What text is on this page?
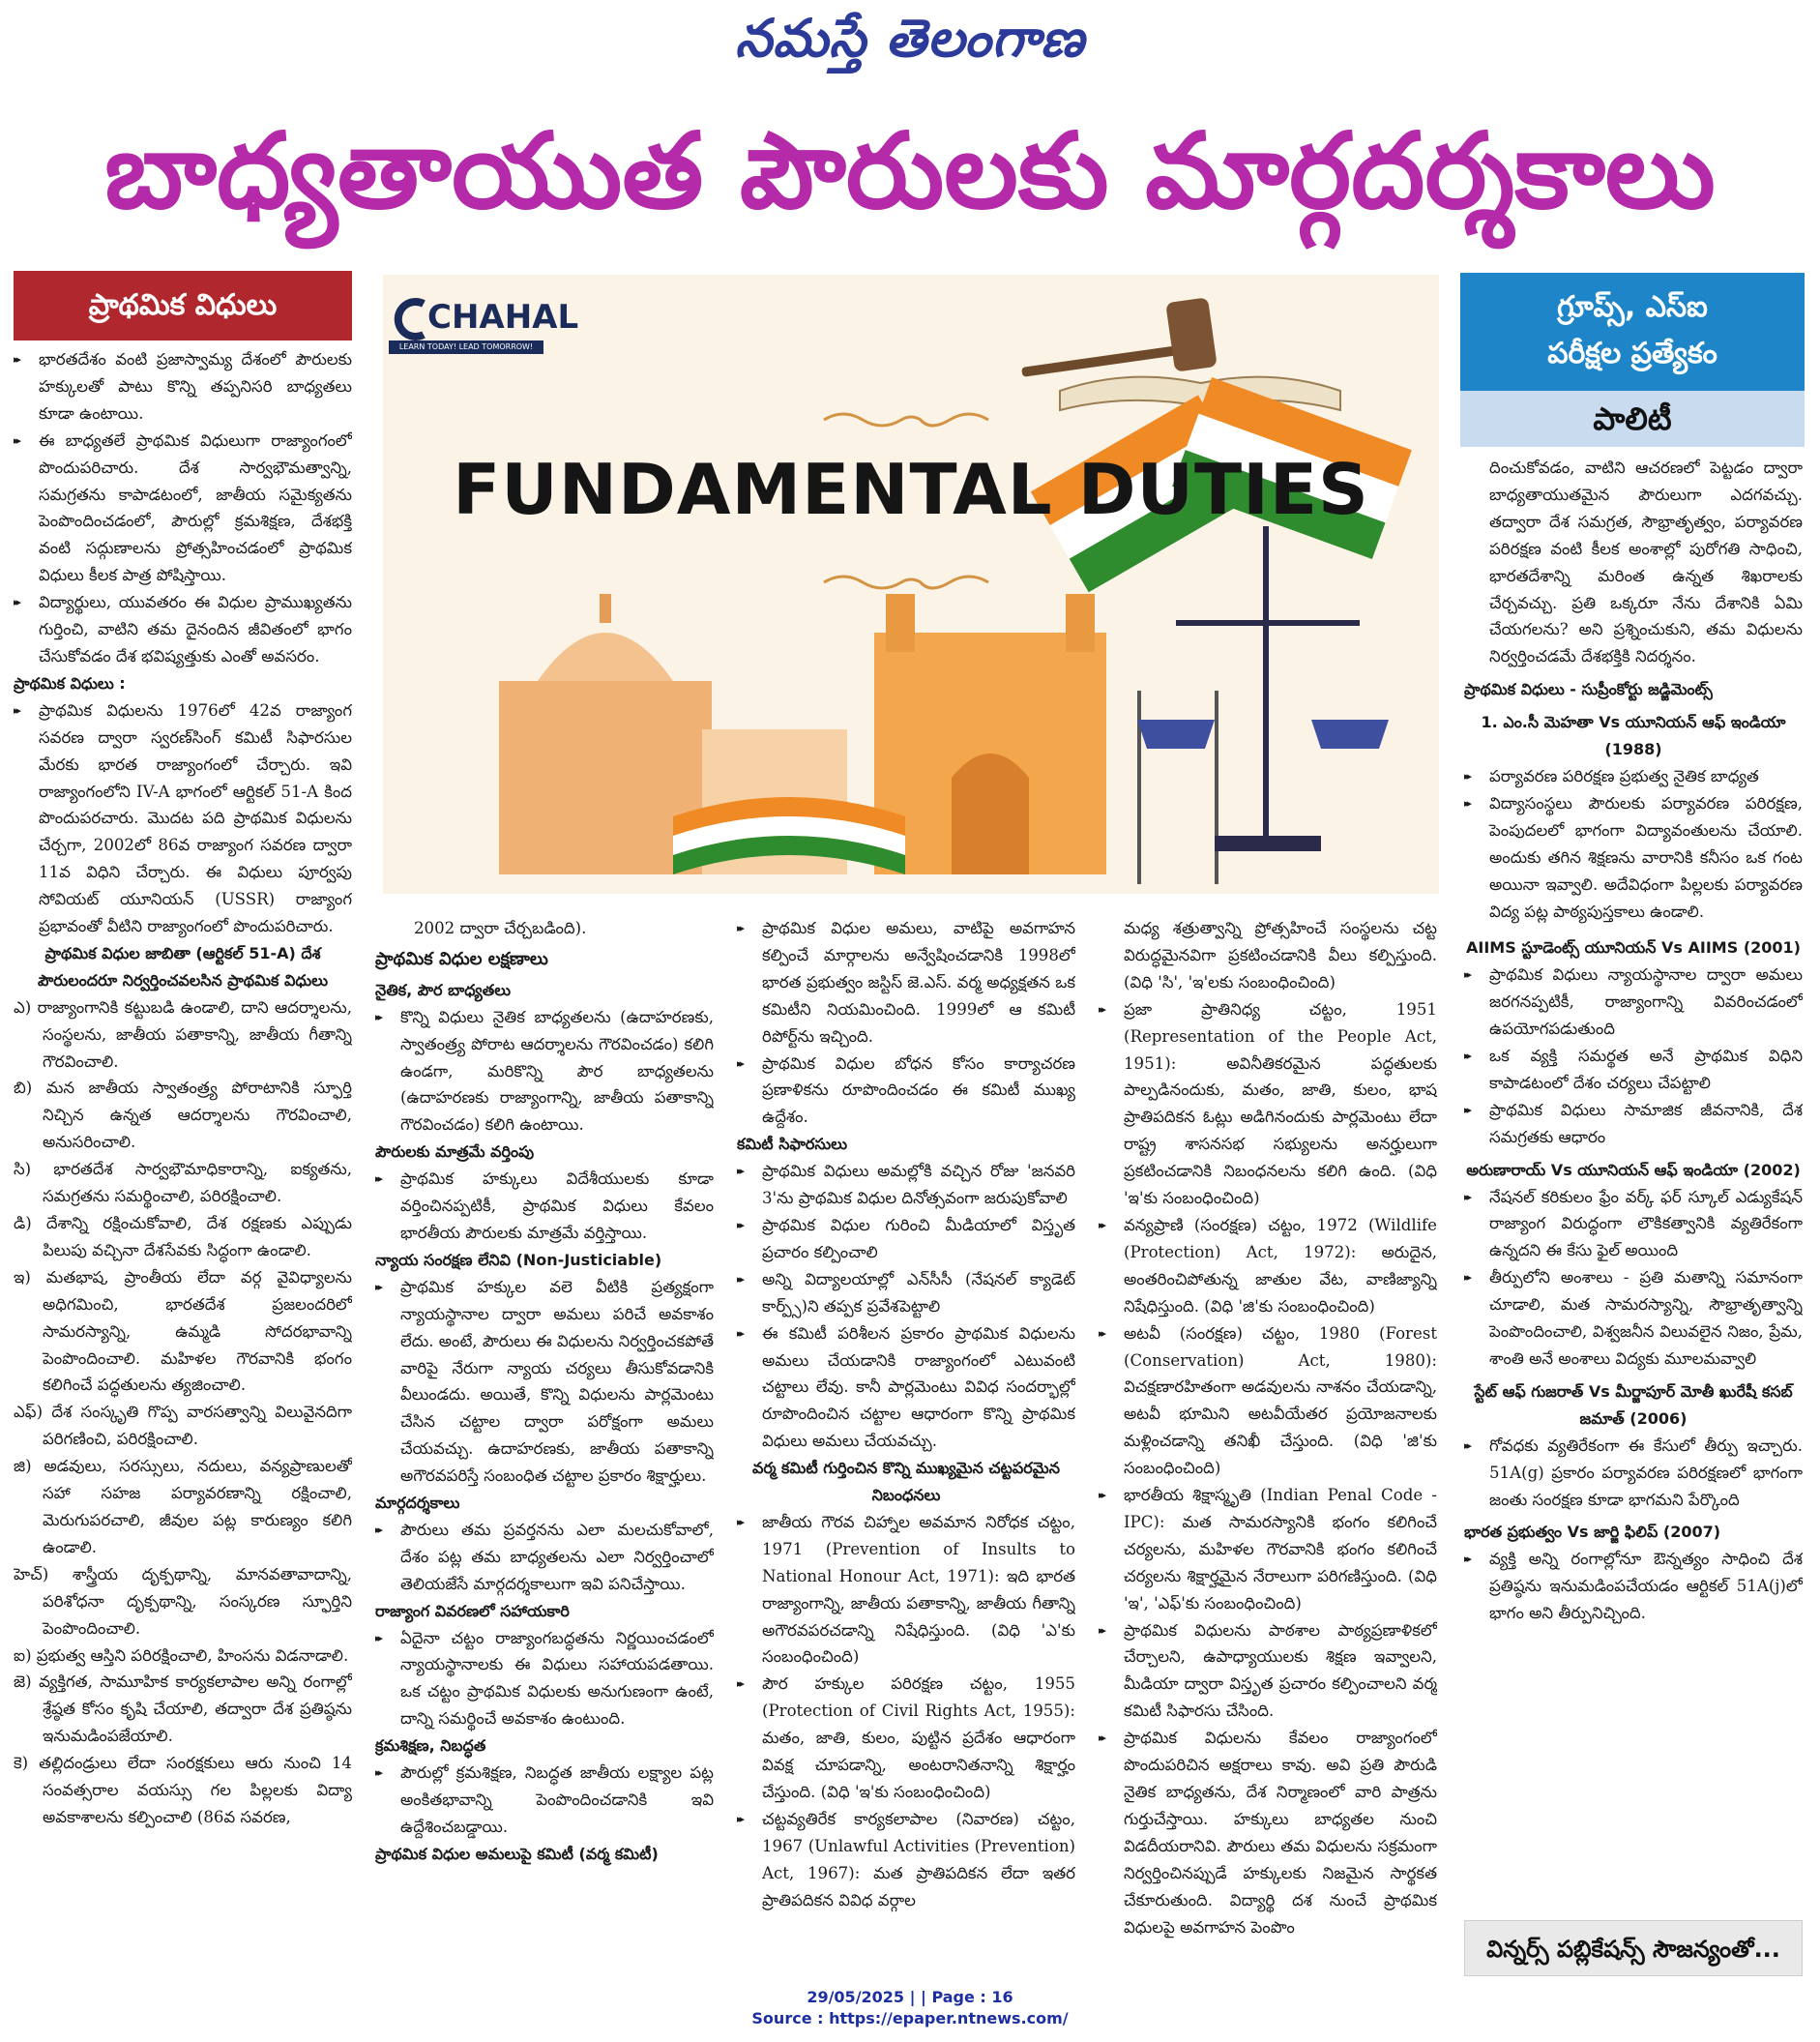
నమస్తే తెలంగాణ
బాధ్యతాయుత పౌరులకు మార్గదర్శకాలు
ప్రాథమిక విధులు	గ్రూప్స్, ఎస్ఐ
పరీక్షల ప్రత్యేకం
పాలిటీ
CHAHAL
LEARN TODAY! LEAD TOMORROW!
FUNDAMENTAL DUTIES

▸▸ భారతదేశం వంటి ప్రజాస్వామ్య దేశంలో పౌరులకు హక్కులతో పాటు కొన్ని తప్పనిసరి బాధ్యతలు కూడా ఉంటాయి.

▸▸ ఈ బాధ్యతలే ప్రాథమిక విధులుగా రాజ్యాంగంలో పొందుపరిచారు. దేశ సార్వభౌమత్వాన్ని, సమగ్రతను కాపాడటంలో, జాతీయ సమైక్యతను పెంపొందించడంలో, పౌరుల్లో క్రమశిక్షణ, దేశభక్తి వంటి సద్గుణాలను ప్రోత్సహించడంలో ప్రాథమిక విధులు కీలక పాత్ర పోషిస్తాయి.

▸▸ విద్యార్థులు, యువతరం ఈ విధుల ప్రాముఖ్యతను గుర్తించి, వాటిని తమ దైనందిన జీవితంలో భాగం చేసుకోవడం దేశ భవిష్యత్తుకు ఎంతో అవసరం.

ప్రాథమిక విధులు :

▸▸ ప్రాథమిక విధులను 1976లో 42వ రాజ్యాంగ సవరణ ద్వారా స్వరణ్‌సింగ్ కమిటీ సిఫారసుల మేరకు భారత రాజ్యాంగంలో చేర్చారు. ఇవి రాజ్యాంగంలోని IV-A భాగంలో ఆర్టికల్ 51-A కింద పొందుపరచారు. మొదట పది ప్రాథమిక విధులను చేర్చగా, 2002లో 86వ రాజ్యాంగ సవరణ ద్వారా 11వ విధిని చేర్చారు. ఈ విధులు పూర్వపు సోవియట్ యూనియన్ (USSR) రాజ్యాంగ ప్రభావంతో వీటిని రాజ్యాంగంలో పొందుపరిచారు.

ప్రాథమిక విధుల జాబితా (ఆర్టికల్ 51-A) దేశ పౌరులందరూ నిర్వర్తించవలసిన ప్రాథమిక విధులు

ఎ) రాజ్యాంగానికి కట్టుబడి ఉండాలి, దాని ఆదర్శాలను, సంస్థలను, జాతీయ పతాకాన్ని, జాతీయ గీతాన్ని గౌరవించాలి.

బి) మన జాతీయ స్వాతంత్ర్య పోరాటానికి స్ఫూర్తి నిచ్చిన ఉన్నత ఆదర్శాలను గౌరవించాలి, అనుసరించాలి.

సి) భారతదేశ సార్వభౌమాధికారాన్ని, ఐక్యతను, సమగ్రతను సమర్థించాలి, పరిరక్షించాలి.

డి) దేశాన్ని రక్షించుకోవాలి, దేశ రక్షణకు ఎప్పుడు పిలుపు వచ్చినా దేశసేవకు సిద్ధంగా ఉండాలి.

ఇ) మతభాష, ప్రాంతీయ లేదా వర్గ వైవిధ్యాలను అధిగమించి, భారతదేశ ప్రజలందరిలో సామరస్యాన్ని, ఉమ్మడి సోదరభావాన్ని పెంపొందించాలి. మహిళల గౌరవానికి భంగం కలిగించే పద్ధతులను త్యజించాలి.

ఎఫ్) దేశ సంస్కృతి గొప్ప వారసత్వాన్ని విలువైనదిగా పరిగణించి, పరిరక్షించాలి.

జి) అడవులు, సరస్సులు, నదులు, వన్యప్రాణులతో సహా సహజ పర్యావరణాన్ని రక్షించాలి, మెరుగుపరచాలి, జీవుల పట్ల కారుణ్యం కలిగి ఉండాలి.

హెచ్) శాస్త్రీయ దృక్పథాన్ని, మానవతావాదాన్ని, పరిశోధనా దృక్పథాన్ని, సంస్కరణ స్ఫూర్తిని పెంపొందించాలి.

ఐ) ప్రభుత్వ ఆస్తిని పరిరక్షించాలి, హింసను విడనాడాలి.

జె) వ్యక్తిగత, సామూహిక కార్యకలాపాల అన్ని రంగాల్లో శ్రేష్ఠత కోసం కృషి చేయాలి, తద్వారా దేశ ప్రతిష్ఠను ఇనుమడింపజేయాలి.

కె) తల్లిదండ్రులు లేదా సంరక్షకులు ఆరు నుంచి 14 సంవత్సరాల వయస్సు గల పిల్లలకు విద్యా అవకాశాలను కల్పించాలి (86వ సవరణ,

2002 ద్వారా చేర్చబడింది).

ప్రాథమిక విధుల లక్షణాలు

నైతిక, పౌర బాధ్యతలు

▸▸ కొన్ని విధులు నైతిక బాధ్యతలను (ఉదాహరణకు, స్వాతంత్ర్య పోరాట ఆదర్శాలను గౌరవించడం) కలిగి ఉండగా, మరికొన్ని పౌర బాధ్యతలను (ఉదాహరణకు రాజ్యాంగాన్ని, జాతీయ పతాకాన్ని గౌరవించడం) కలిగి ఉంటాయి.

పౌరులకు మాత్రమే వర్తింపు

▸▸ ప్రాథమిక హక్కులు విదేశీయులకు కూడా వర్తించినప్పటికీ, ప్రాథమిక విధులు కేవలం భారతీయ పౌరులకు మాత్రమే వర్తిస్తాయి.

న్యాయ సంరక్షణ లేనివి (Non-Justiciable)

▸▸ ప్రాథమిక హక్కుల వలె వీటికి ప్రత్యక్షంగా న్యాయస్థానాల ద్వారా అమలు పరిచే అవకాశం లేదు. అంటే, పౌరులు ఈ విధులను నిర్వర్తించకపోతే వారిపై నేరుగా న్యాయ చర్యలు తీసుకోవడానికి వీలుండదు. అయితే, కొన్ని విధులను పార్లమెంటు చేసిన చట్టాల ద్వారా పరోక్షంగా అమలు చేయవచ్చు. ఉదాహరణకు, జాతీయ పతాకాన్ని అగౌరవపరిస్తే సంబంధిత చట్టాల ప్రకారం శిక్షార్హులు.

మార్గదర్శకాలు

▸▸ పౌరులు తమ ప్రవర్తనను ఎలా మలచుకోవాలో, దేశం పట్ల తమ బాధ్యతలను ఎలా నిర్వర్తించాలో తెలియజేసే మార్గదర్శకాలుగా ఇవి పనిచేస్తాయి.

రాజ్యాంగ వివరణలో సహాయకారి

▸▸ ఏదైనా చట్టం రాజ్యాంగబద్ధతను నిర్ణయించడంలో న్యాయస్థానాలకు ఈ విధులు సహాయపడతాయి. ఒక చట్టం ప్రాథమిక విధులకు అనుగుణంగా ఉంటే, దాన్ని సమర్థించే అవకాశం ఉంటుంది.

క్రమశిక్షణ, నిబద్ధత

▸▸ పౌరుల్లో క్రమశిక్షణ, నిబద్ధత జాతీయ లక్ష్యాల పట్ల అంకితభావాన్ని పెంపొందించడానికి ఇవి ఉద్దేశించబడ్డాయి.

ప్రాథమిక విధుల అమలుపై కమిటీ (వర్మ కమిటీ)

▸▸ ప్రాథమిక విధుల అమలు, వాటిపై అవగాహన కల్పించే మార్గాలను అన్వేషించడానికి 1998లో భారత ప్రభుత్వం జస్టిస్ జె.ఎస్. వర్మ అధ్యక్షతన ఒక కమిటీని నియమించింది. 1999లో ఆ కమిటీ రిపోర్ట్‌ను ఇచ్చింది.

▸▸ ప్రాథమిక విధుల బోధన కోసం కార్యాచరణ ప్రణాళికను రూపొందించడం ఈ కమిటీ ముఖ్య ఉద్దేశం.

కమిటీ సిఫారసులు

▸▸ ప్రాథమిక విధులు అమల్లోకి వచ్చిన రోజు 'జనవరి 3'ను ప్రాథమిక విధుల దినోత్సవంగా జరుపుకోవాలి

▸▸ ప్రాథమిక విధుల గురించి మీడియాలో విస్తృత ప్రచారం కల్పించాలి

▸▸ అన్ని విద్యాలయాల్లో ఎన్‌సీసీ (నేషనల్ క్యాడెట్ కార్ప్స్)ని తప్పక ప్రవేశపెట్టాలి

▸▸ ఈ కమిటీ పరిశీలన ప్రకారం ప్రాథమిక విధులను అమలు చేయడానికి రాజ్యాంగంలో ఎటువంటి చట్టాలు లేవు. కానీ పార్లమెంటు వివిధ సందర్భాల్లో రూపొందించిన చట్టాల ఆధారంగా కొన్ని ప్రాథమిక విధులు అమలు చేయవచ్చు.

వర్మ కమిటీ గుర్తించిన కొన్ని ముఖ్యమైన చట్టపరమైన నిబంధనలు

▸▸ జాతీయ గౌరవ చిహ్నాల అవమాన నిరోధక చట్టం, 1971 (Prevention of Insults to National Honour Act, 1971): ఇది భారత రాజ్యాంగాన్ని, జాతీయ పతాకాన్ని, జాతీయ గీతాన్ని అగౌరవపరచడాన్ని నిషేధిస్తుంది. (విధి 'ఎ'కు సంబంధించింది)

▸▸ పౌర హక్కుల పరిరక్షణ చట్టం, 1955 (Protection of Civil Rights Act, 1955): మతం, జాతి, కులం, పుట్టిన ప్రదేశం ఆధారంగా వివక్ష చూపడాన్ని, అంటరానితనాన్ని శిక్షార్హం చేస్తుంది. (విధి 'ఇ'కు సంబంధించింది)

▸▸ చట్టవ్యతిరేక కార్యకలాపాల (నివారణ) చట్టం, 1967 (Unlawful Activities (Prevention) Act, 1967): మత ప్రాతిపదికన లేదా ఇతర ప్రాతిపదికన వివిధ వర్గాల

మధ్య శత్రుత్వాన్ని ప్రోత్సహించే సంస్థలను చట్ట విరుద్ధమైనవిగా ప్రకటించడానికి వీలు కల్పిస్తుంది. (విధి 'సి', 'ఇ'లకు సంబంధించింది)

▸▸ ప్రజా ప్రాతినిధ్య చట్టం, 1951 (Representation of the People Act, 1951): అవినీతికరమైన పద్ధతులకు పాల్పడినందుకు, మతం, జాతి, కులం, భాష ప్రాతిపదికన ఓట్లు అడిగినందుకు పార్లమెంటు లేదా రాష్ట్ర శాసనసభ సభ్యులను అనర్హులుగా ప్రకటించడానికి నిబంధనలను కలిగి ఉంది. (విధి 'ఇ'కు సంబంధించింది)

▸▸ వన్యప్రాణి (సంరక్షణ) చట్టం, 1972 (Wildlife (Protection) Act, 1972): అరుదైన, అంతరించిపోతున్న జాతుల వేట, వాణిజ్యాన్ని నిషేధిస్తుంది. (విధి 'జి'కు సంబంధించింది)

▸▸ అటవీ (సంరక్షణ) చట్టం, 1980 (Forest (Conservation) Act, 1980): విచక్షణారహితంగా అడవులను నాశనం చేయడాన్ని, అటవీ భూమిని అటవీయేతర ప్రయోజనాలకు మళ్లించడాన్ని తనిఖీ చేస్తుంది. (విధి 'జి'కు సంబంధించింది)

▸▸ భారతీయ శిక్షాస్మృతి (Indian Penal Code - IPC): మత సామరస్యానికి భంగం కలిగించే చర్యలను, మహిళల గౌరవానికి భంగం కలిగించే చర్యలను శిక్షార్హమైన నేరాలుగా పరిగణిస్తుంది. (విధి 'ఇ', 'ఎఫ్'కు సంబంధించింది)

▸▸ ప్రాథమిక విధులను పాఠశాల పాఠ్యప్రణాళికలో చేర్చాలని, ఉపాధ్యాయులకు శిక్షణ ఇవ్వాలని, మీడియా ద్వారా విస్తృత ప్రచారం కల్పించాలని వర్మ కమిటీ సిఫారసు చేసింది.

▸▸ ప్రాథమిక విధులను కేవలం రాజ్యాంగంలో పొందుపరిచిన అక్షరాలు కావు. అవి ప్రతి పౌరుడి నైతిక బాధ్యతను, దేశ నిర్మాణంలో వారి పాత్రను గుర్తుచేస్తాయి. హక్కులు బాధ్యతల నుంచి విడదీయరానివి. పౌరులు తమ విధులను సక్రమంగా నిర్వర్తించినప్పుడే హక్కులకు నిజమైన సార్థకత చేకూరుతుంది. విద్యార్థి దశ నుంచే ప్రాథమిక విధులపై అవగాహన పెంపొం

దించుకోవడం, వాటిని ఆచరణలో పెట్టడం ద్వారా బాధ్యతాయుతమైన పౌరులుగా ఎదగవచ్చు. తద్వారా దేశ సమగ్రత, సౌభ్రాతృత్వం, పర్యావరణ పరిరక్షణ వంటి కీలక అంశాల్లో పురోగతి సాధించి, భారతదేశాన్ని మరింత ఉన్నత శిఖరాలకు చేర్చవచ్చు. ప్రతి ఒక్కరూ నేను దేశానికి ఏమి చేయగలను? అని ప్రశ్నించుకుని, తమ విధులను నిర్వర్తించడమే దేశభక్తికి నిదర్శనం.

ప్రాథమిక విధులు - సుప్రీంకోర్టు జడ్జిమెంట్స్

1. ఎం.సీ మెహతా Vs యూనియన్ ఆఫ్ ఇండియా (1988)

▸▸ పర్యావరణ పరిరక్షణ ప్రభుత్వ నైతిక బాధ్యత

▸▸ విద్యాసంస్థలు పౌరులకు పర్యావరణ పరిరక్షణ, పెంపుదలలో భాగంగా విద్యావంతులను చేయాలి. అందుకు తగిన శిక్షణను వారానికి కనీసం ఒక గంట అయినా ఇవ్వాలి. అదేవిధంగా పిల్లలకు పర్యావరణ విద్య పట్ల పాఠ్యపుస్తకాలు ఉండాలి.

AIIMS స్టూడెంట్స్ యూనియన్ Vs AIIMS (2001)

▸▸ ప్రాథమిక విధులు న్యాయస్థానాల ద్వారా అమలు జరగనప్పటికీ, రాజ్యాంగాన్ని వివరించడంలో ఉపయోగపడుతుంది

▸▸ ఒక వ్యక్తి సమర్థత అనే ప్రాథమిక విధిని కాపాడటంలో దేశం చర్యలు చేపట్టాలి

▸▸ ప్రాథమిక విధులు సామాజిక జీవనానికి, దేశ సమగ్రతకు ఆధారం

అరుణారాయ్ Vs యూనియన్ ఆఫ్ ఇండియా (2002)

▸▸ నేషనల్ కరికులం ఫ్రేం వర్క్ ఫర్ స్కూల్ ఎడ్యుకేషన్ రాజ్యాంగ విరుద్ధంగా లౌకికత్వానికి వ్యతిరేకంగా ఉన్నదని ఈ కేసు ఫైల్ అయింది

▸▸ తీర్పులోని అంశాలు - ప్రతి మతాన్ని సమానంగా చూడాలి, మత సామరస్యాన్ని, సౌభ్రాతృత్వాన్ని పెంపొందించాలి, విశ్వజనీన విలువలైన నిజం, ప్రేమ, శాంతి అనే అంశాలు విద్యకు మూలమవ్వాలి

స్టేట్ ఆఫ్ గుజరాత్ Vs మీర్జాపూర్ మోతీ ఖురేషీ కసబ్ జమాత్ (2006)

▸▸ గోవధకు వ్యతిరేకంగా ఈ కేసులో తీర్పు ఇచ్చారు. 51A(g) ప్రకారం పర్యావరణ పరిరక్షణలో భాగంగా జంతు సంరక్షణ కూడా భాగమని పేర్కొంది

భారత ప్రభుత్వం Vs జార్జి ఫిలిప్ (2007)

▸▸ వ్యక్తి అన్ని రంగాల్లోనూ ఔన్నత్యం సాధించి దేశ ప్రతిష్ఠను ఇనుమడింపచేయడం ఆర్టికల్ 51A(j)లో భాగం అని తీర్పునిచ్చింది.

విన్నర్స్ పబ్లికేషన్స్ సౌజన్యంతో...
29/05/2025 | | Page : 16
Source : https://epaper.ntnews.com/
